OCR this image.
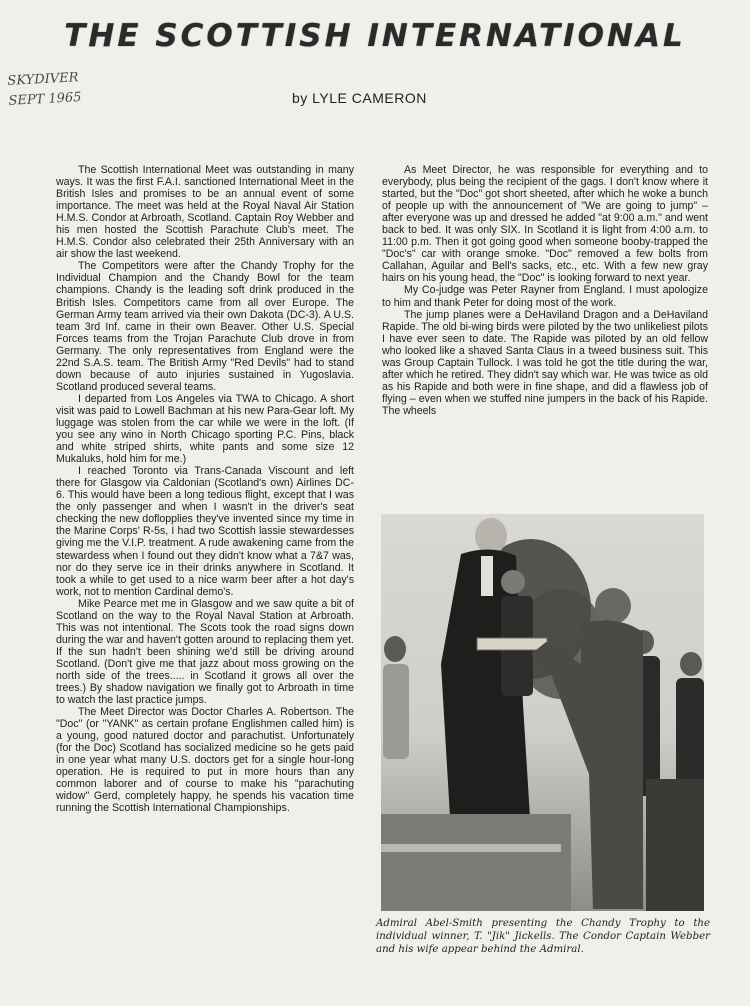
THE SCOTTISH INTERNATIONAL
SKYDIVER
SEPT 1965	by LYLE CAMERON

The Scottish International Meet was outstanding in many ways. It was the first F.A.I. sanctioned International Meet in the British Isles and promises to be an annual event of some importance. The meet was held at the Royal Naval Air Station H.M.S. Condor at Arbroath, Scotland. Captain Roy Webber and his men hosted the Scottish Parachute Club's meet. The H.M.S. Condor also celebrated their 25th Anniversary with an air show the last weekend.

The Competitors were after the Chandy Trophy for the Individual Champion and the Chandy Bowl for the team champions. Chandy is the leading soft drink produced in the British Isles. Competitors came from all over Europe. The German Army team arrived via their own Dakota (DC-3). A U.S. team 3rd Inf. came in their own Beaver. Other U.S. Special Forces teams from the Trojan Parachute Club drove in from Germany. The only representatives from England were the 22nd S.A.S. team. The British Army "Red Devils" had to stand down because of auto injuries sustained in Yugoslavia. Scotland produced several teams.

I departed from Los Angeles via TWA to Chicago. A short visit was paid to Lowell Bachman at his new Para-Gear loft. My luggage was stolen from the car while we were in the loft. (If you see any wino in North Chicago sporting P.C. Pins, black and white striped shirts, white pants and some size 12 Mukaluks, hold him for me.)

I reached Toronto via Trans-Canada Viscount and left there for Glasgow via Caldonian (Scotland's own) Airlines DC-6. This would have been a long tedious flight, except that I was the only passenger and when I wasn't in the driver's seat checking the new doflopplies they've invented since my time in the Marine Corps' R-5s, I had two Scottish lassie stewardesses giving me the V.I.P. treatment. A rude awakening came from the stewardess when I found out they didn't know what a 7&7 was, nor do they serve ice in their drinks anywhere in Scotland. It took a while to get used to a nice warm beer after a hot day's work, not to mention Cardinal demo's.

Mike Pearce met me in Glasgow and we saw quite a bit of Scotland on the way to the Royal Naval Station at Arbroath. This was not intentional. The Scots took the road signs down during the war and haven't gotten around to replacing them yet. If the sun hadn't been shining we'd still be driving around Scotland. (Don't give me that jazz about moss growing on the north side of the trees..... in Scotland it grows all over the trees.) By shadow navigation we finally got to Arbroath in time to watch the last practice jumps.

The Meet Director was Doctor Charles A. Robertson. The "Doc" (or "YANK" as certain profane Englishmen called him) is a young, good natured doctor and parachutist. Unfortunately (for the Doc) Scotland has socialized medicine so he gets paid in one year what many U.S. doctors get for a single hour-long operation. He is required to put in more hours than any common laborer and of course to make his "parachuting widow" Gerd, completely happy, he spends his vacation time running the Scottish International Championships.

As Meet Director, he was responsible for everything and to everybody, plus being the recipient of the gags. I don't know where it started, but the "Doc" got short sheeted, after which he woke a bunch of people up with the announcement of "We are going to jump" – after everyone was up and dressed he added "at 9:00 a.m." and went back to bed. It was only SIX. In Scotland it is light from 4:00 a.m. to 11:00 p.m. Then it got going good when someone booby-trapped the "Doc's" car with orange smoke. "Doc" removed a few bolts from Callahan, Aguilar and Bell's sacks, etc., etc. With a few new gray hairs on his young head, the "Doc" is looking forward to next year.

My Co-judge was Peter Rayner from England. I must apologize to him and thank Peter for doing most of the work.

The jump planes were a DeHaviland Dragon and a DeHaviland Rapide. The old bi-wing birds were piloted by the two unlikeliest pilots I have ever seen to date. The Rapide was piloted by an old fellow who looked like a shaved Santa Claus in a tweed business suit. This was Group Captain Tullock. I was told he got the title during the war, after which he retired. They didn't say which war. He was twice as old as his Rapide and both were in fine shape, and did a flawless job of flying – even when we stuffed nine jumpers in the back of his Rapide. The wheels

Admiral Abel-Smith presenting the Chandy Trophy to the individual winner, T. "Jik" Jickells. The Condor Captain Webber and his wife appear behind the Admiral.
